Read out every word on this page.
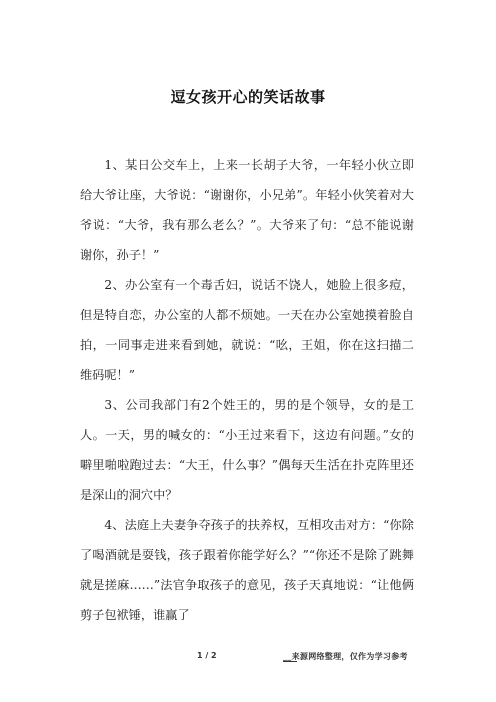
逗女孩开心的笑话故事

1、某日公交车上，上来一长胡子大爷，一年轻小伙立即给大爷让座，大爷说：“谢谢你，小兄弟”。年轻小伙笑着对大爷说：“大爷，我有那么老么？”。大爷来了句：“总不能说谢谢你，孙子！”

2、办公室有一个毒舌妇，说话不饶人，她脸上很多痘，但是特自恋，办公室的人都不烦她。一天在办公室她摸着脸自拍，一同事走进来看到她，就说：“吆，王姐，你在这扫描二维码呢！”

3、公司我部门有2个姓王的，男的是个领导，女的是工人。一天，男的喊女的：“小王过来看下，这边有问题。”女的噼里啪啦跑过去：“大王，什么事？”偶每天生活在扑克阵里还是深山的洞穴中？

4、法庭上夫妻争夺孩子的扶养权，互相攻击对方：“你除了喝酒就是耍钱，孩子跟着你能学好么？”“你还不是除了跳舞就是搓麻……”法官争取孩子的意见，孩子天真地说：“让他俩剪子包袱锤，谁赢了

1 / 2	__来源网络整理，仅作为学习参考
